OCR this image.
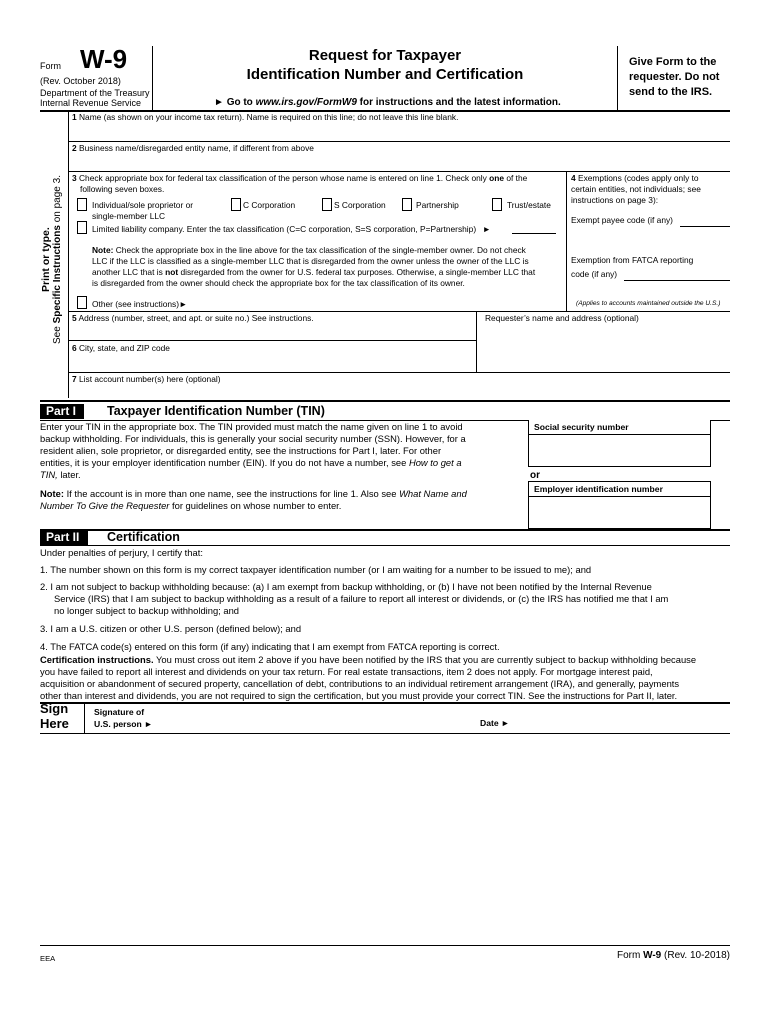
Form W-9
(Rev. October 2018)
Department of the Treasury
Internal Revenue Service
Request for Taxpayer
Identification Number and Certification
► Go to www.irs.gov/FormW9 for instructions and the latest information.
Give Form to the
requester. Do not
send to the IRS.
Print or type.
See Specific Instructions on page 3.
1 Name (as shown on your income tax return). Name is required on this line; do not leave this line blank.
2 Business name/disregarded entity name, if different from above
3 Check appropriate box for federal tax classification of the person whose name is entered on line 1. Check only one of the
following seven boxes.
Individual/sole proprietor or
single-member LLC
C Corporation	S Corporation	Partnership	Trust/estate
Limited liability company. Enter the tax classification (C=C corporation, S=S corporation, P=Partnership) ►
Note: Check the appropriate box in the line above for the tax classification of the single-member owner. Do not check
LLC if the LLC is classified as a single-member LLC that is disregarded from the owner unless the owner of the LLC is
another LLC that is not disregarded from the owner for U.S. federal tax purposes. Otherwise, a single-member LLC that
is disregarded from the owner should check the appropriate box for the tax classification of its owner.
Other (see instructions)►
4 Exemptions (codes apply only to
certain entities, not individuals; see
instructions on page 3):
Exempt payee code (if any)
Exemption from FATCA reporting
code (if any)
(Applies to accounts maintained outside the U.S.)
5 Address (number, street, and apt. or suite no.) See instructions.	Requester’s name and address (optional)
6 City, state, and ZIP code
7 List account number(s) here (optional)
Part I	Taxpayer Identification Number (TIN)
Enter your TIN in the appropriate box. The TIN provided must match the name given on line 1 to avoid
backup withholding. For individuals, this is generally your social security number (SSN). However, for a
resident alien, sole proprietor, or disregarded entity, see the instructions for Part I, later. For other
entities, it is your employer identification number (EIN). If you do not have a number, see How to get a
TIN, later.
Note: If the account is in more than one name, see the instructions for line 1. Also see What Name and
Number To Give the Requester for guidelines on whose number to enter.
Social security number
or
Employer identification number
Part II	Certification
Under penalties of perjury, I certify that:
1. The number shown on this form is my correct taxpayer identification number (or I am waiting for a number to be issued to me); and
2. I am not subject to backup withholding because: (a) I am exempt from backup withholding, or (b) I have not been notified by the Internal Revenue
Service (IRS) that I am subject to backup withholding as a result of a failure to report all interest or dividends, or (c) the IRS has notified me that I am
no longer subject to backup withholding; and
3. I am a U.S. citizen or other U.S. person (defined below); and
4. The FATCA code(s) entered on this form (if any) indicating that I am exempt from FATCA reporting is correct.
Certification instructions. You must cross out item 2 above if you have been notified by the IRS that you are currently subject to backup withholding because
you have failed to report all interest and dividends on your tax return. For real estate transactions, item 2 does not apply. For mortgage interest paid,
acquisition or abandonment of secured property, cancellation of debt, contributions to an individual retirement arrangement (IRA), and generally, payments
other than interest and dividends, you are not required to sign the certification, but you must provide your correct TIN. See the instructions for Part II, later.
Sign
Here
Signature of
U.S. person ►	Date ►
EEA	Form W-9 (Rev. 10-2018)
